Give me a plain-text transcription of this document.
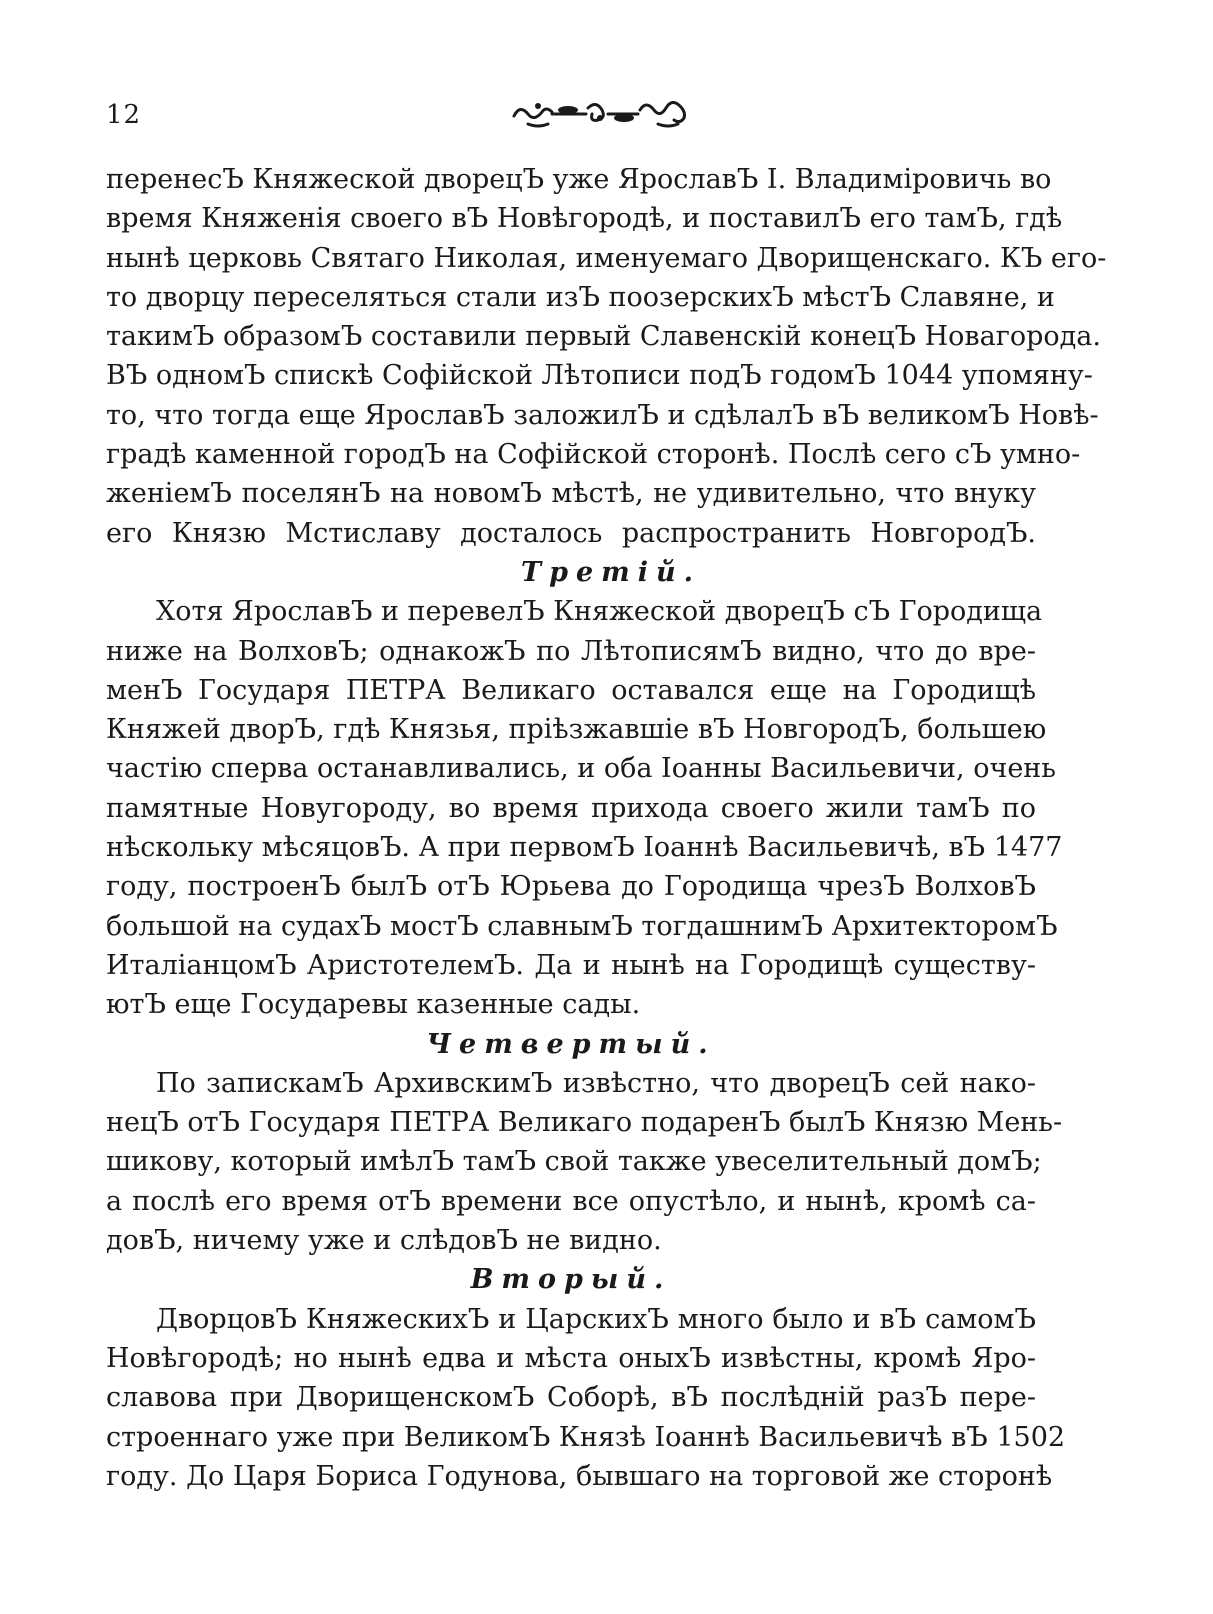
12
перенесЪ Княжеской дворецЪ уже ЯрославЪ I. Владимiровичь во
время Княженiя своего вЪ Новѣгородѣ, и поставилЪ его тамЪ, гдѣ
нынѣ церковь Святаго Николая, именуемаго Дворищенскаго. КЪ его-
то дворцу переселяться стали изЪ поозерскихЪ мѣстЪ Славяне, и
такимЪ образомЪ составили первый Славенскiй конецЪ Новагорода.
ВЪ одномЪ спискѣ Софiйской Лѣтописи подЪ годомЪ 1044 упомяну-
то, что тогда еще ЯрославЪ заложилЪ и сдѣлалЪ вЪ великомЪ Новѣ-
градѣ каменной городЪ на Софiйской сторонѣ. Послѣ сего сЪ умно-
женiемЪ поселянЪ на новомЪ мѣстѣ, не удивительно, что внуку
его Князю Мстиславу досталось распространить НовгородЪ.
Третiй.
Хотя ЯрославЪ и перевелЪ Княжеской дворецЪ сЪ Городища
ниже на ВолховЪ; однакожЪ по ЛѣтописямЪ видно, что до вре-
менЪ Государя ПЕТРА Великаго оставался еще на Городищѣ
Княжей дворЪ, гдѣ Князья, прiѣзжавшiе вЪ НовгородЪ, большею
частiю сперва останавливались, и оба Iоанны Васильевичи, очень
памятные Новугороду, во время прихода своего жили тамЪ по
нѣскольку мѣсяцовЪ. А при первомЪ Iоаннѣ Васильевичѣ, вЪ 1477
году, построенЪ былЪ отЪ Юрьева до Городища чрезЪ ВолховЪ
большой на судахЪ мостЪ славнымЪ тогдашнимЪ АрхитекторомЪ
ИталiанцомЪ АристотелемЪ. Да и нынѣ на Городищѣ существу-
ютЪ еще Государевы казенные сады.
Четвертый.
По запискамЪ АрхивскимЪ извѣстно, что дворецЪ сей нако-
нецЪ отЪ Государя ПЕТРА Великаго подаренЪ былЪ Князю Мень-
шикову, который имѣлЪ тамЪ свой также увеселительный домЪ;
а послѣ его время отЪ времени все опустѣло, и нынѣ, кромѣ са-
довЪ, ничему уже и слѣдовЪ не видно.
Вторый.
ДворцовЪ КняжескихЪ и ЦарскихЪ много было и вЪ самомЪ
Новѣгородѣ; но нынѣ едва и мѣста оныхЪ извѣстны, кромѣ Яро-
славова при ДворищенскомЪ Соборѣ, вЪ послѣднiй разЪ пере-
строеннаго уже при ВеликомЪ Князѣ Iоаннѣ Васильевичѣ вЪ 1502
году. До Царя Бориса Годунова, бывшаго на торговой же сторонѣ
